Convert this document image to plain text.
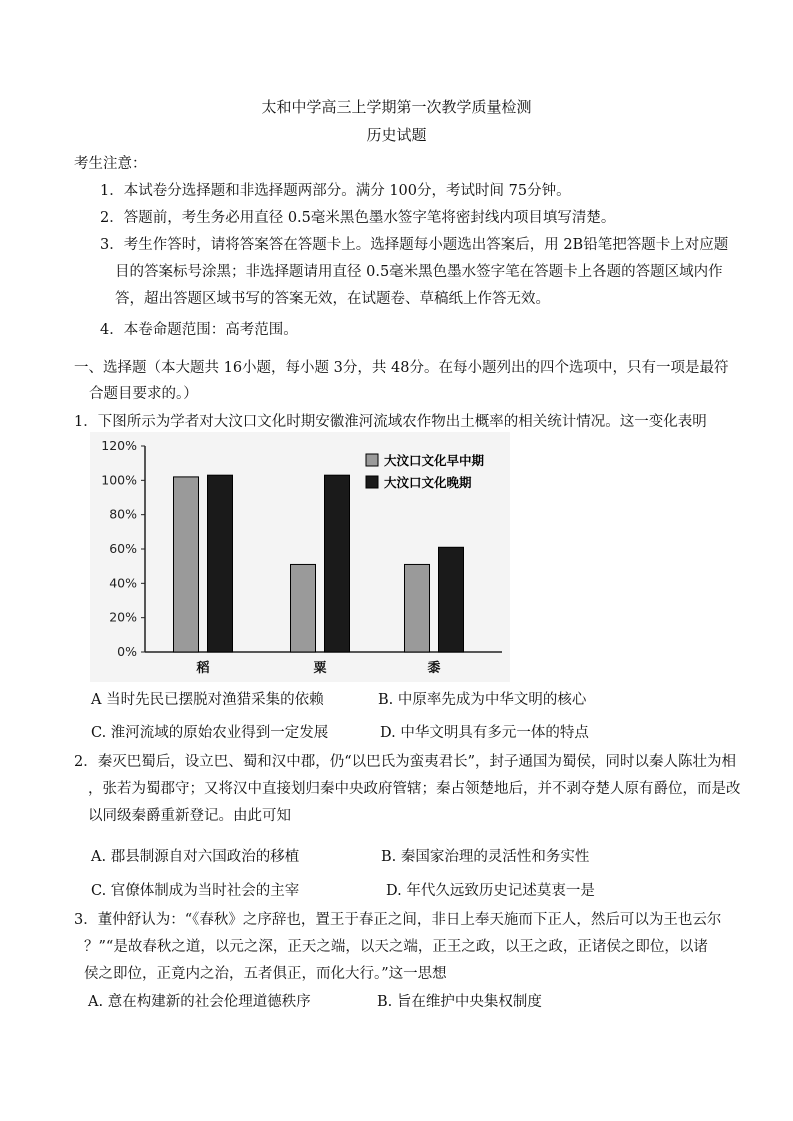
太和中学高三上学期第一次教学质量检测
历史试题
考生注意：
1．本试卷分选择题和非选择题两部分。满分 100分，考试时间 75分钟。
2．答题前，考生务必用直径 0.5毫米黑色墨水签字笔将密封线内项目填写清楚。
3．考生作答时，请将答案答在答题卡上。选择题每小题选出答案后，用 2B铅笔把答题卡上对应题
目的答案标号涂黑；非选择题请用直径 0.5毫米黑色墨水签字笔在答题卡上各题的答题区域内作
答，超出答题区域书写的答案无效，在试题卷、草稿纸上作答无效。
4．本卷命题范围：高考范围。
一、选择题（本大题共 16小题，每小题 3分，共 48分。在每小题列出的四个选项中，只有一项是最符
合题目要求的。）
1．下图所示为学者对大汶口文化时期安徽淮河流域农作物出土概率的相关统计情况。这一变化表明
120%
100%
80%
60%
40%
20%
0%
稻	粟	黍
大汶口文化早中期
大汶口文化晚期
A 当时先民已摆脱对渔猎采集的依赖	B. 中原率先成为中华文明的核心
C. 淮河流域的原始农业得到一定发展	D. 中华文明具有多元一体的特点
2．秦灭巴蜀后，设立巴、蜀和汉中郡，仍“以巴氏为蛮夷君长”，封子通国为蜀侯，同时以秦人陈壮为相
，张若为蜀郡守；又将汉中直接划归秦中央政府管辖；秦占领楚地后，并不剥夺楚人原有爵位，而是改
以同级秦爵重新登记。由此可知
A. 郡县制源自对六国政治的移植	B. 秦国家治理的灵活性和务实性
C. 官僚体制成为当时社会的主宰	D. 年代久远致历史记述莫衷一是
3．董仲舒认为：“《春秋》之序辞也，置王于春正之间，非日上奉天施而下正人，然后可以为王也云尔
？”“是故春秋之道，以元之深，正天之端，以天之端，正王之政，以王之政，正诸侯之即位，以诸
侯之即位，正竟内之治，五者俱正，而化大行。”这一思想
A. 意在构建新的社会伦理道德秩序	B. 旨在维护中央集权制度
